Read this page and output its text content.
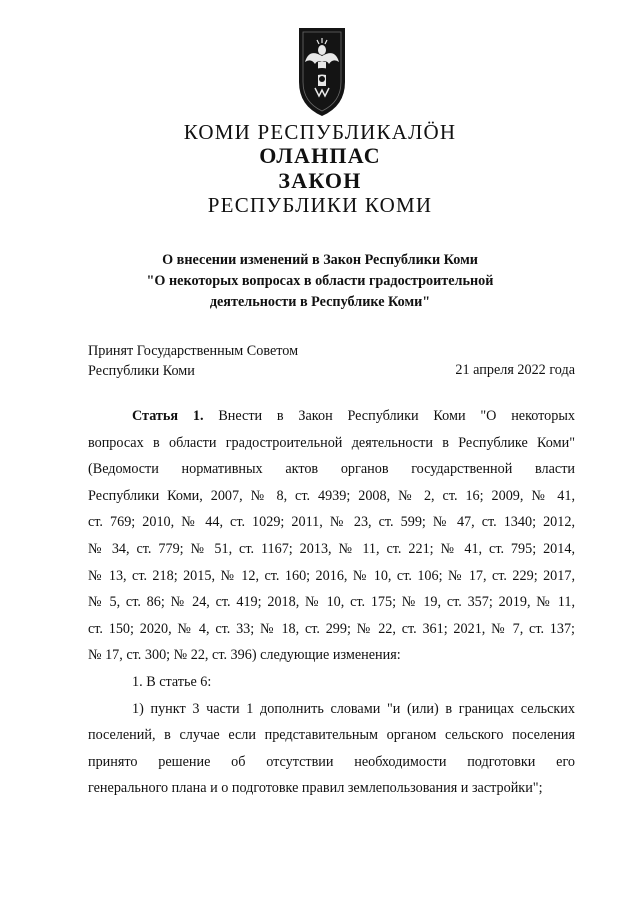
КОМИ РЕСПУБЛИКАЛӦН
ОЛАНПАС
ЗАКОН
РЕСПУБЛИКИ КОМИ
О внесении изменений в Закон Республики Коми
"О некоторых вопросах в области градостроительной
деятельности в Республике Коми"
Принят Государственным Советом
Республики Коми	21 апреля 2022 года

Статья 1. Внести в Закон Республики Коми "О некоторых

вопросах в области градостроительной деятельности в Республике Коми"

(Ведомости нормативных актов органов государственной власти

Республики Коми, 2007, № 8, ст. 4939; 2008, № 2, ст. 16; 2009, № 41,

ст. 769; 2010, № 44, ст. 1029; 2011, № 23, ст. 599; № 47, ст. 1340; 2012,

№ 34, ст. 779; № 51, ст. 1167; 2013, № 11, ст. 221; № 41, ст. 795; 2014,

№ 13, ст. 218; 2015, № 12, ст. 160; 2016, № 10, ст. 106; № 17, ст. 229; 2017,

№ 5, ст. 86; № 24, ст. 419; 2018, № 10, ст. 175; № 19, ст. 357; 2019, № 11,

ст. 150; 2020, № 4, ст. 33; № 18, ст. 299; № 22, ст. 361; 2021, № 7, ст. 137;

№ 17, ст. 300; № 22, ст. 396) следующие изменения:

1. В статье 6:

1) пункт 3 части 1 дополнить словами "и (или) в границах сельских

поселений, в случае если представительным органом сельского поселения

принято решение об отсутствии необходимости подготовки его

генерального плана и о подготовке правил землепользования и застройки";
